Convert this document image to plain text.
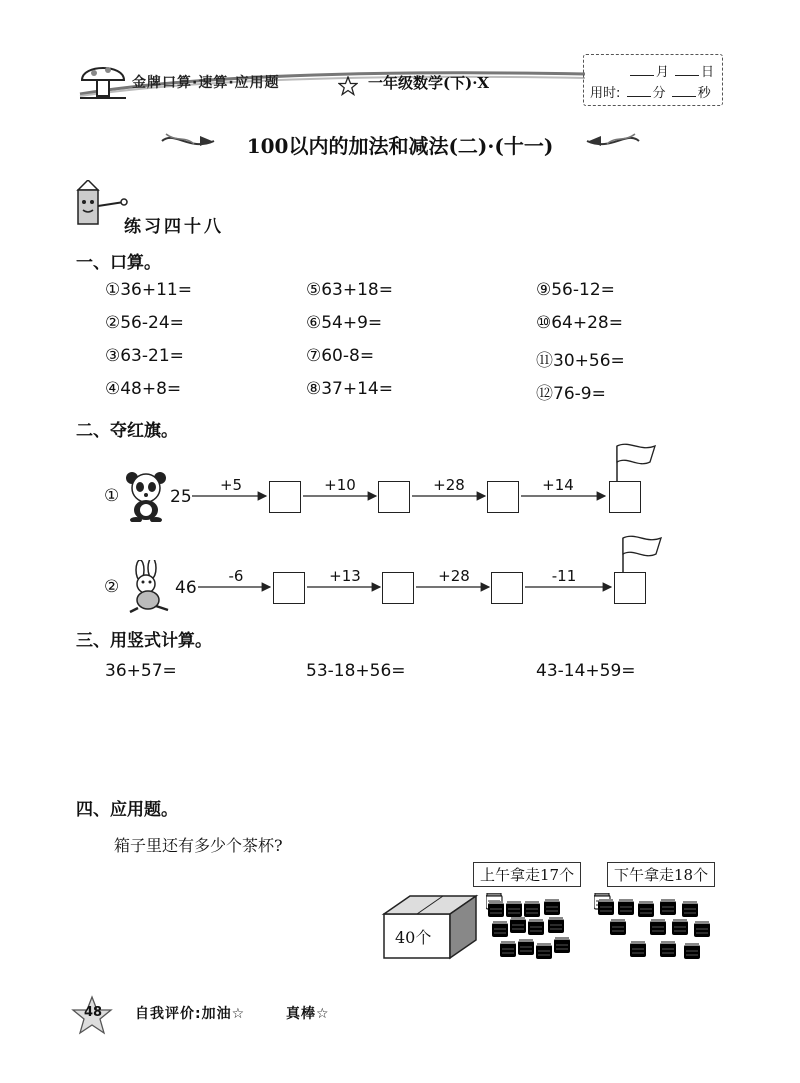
金牌口算·速算·应用题	一年级数学(下)·X
月 日
用时: 分 秒
100以内的加法和减法(二)·(十一)
练习四十八
一、口算。
①36+11=	⑤63+18=	⑨56-12=
②56-24=	⑥54+9=	⑩64+28=
③63-21=	⑦60-8=	⑪30+56=
④48+8=	⑧37+14=	⑫76-9=
二、夺红旗。
①	25
+5	+10	+28	+14
②	46
-6	+13	+28	-11
三、用竖式计算。
36+57=	53-18+56=	43-14+59=
四、应用题。
箱子里还有多少个茶杯?
上午拿走17个	下午拿走18个
40个
48 自我评价:加油☆	真棒☆
